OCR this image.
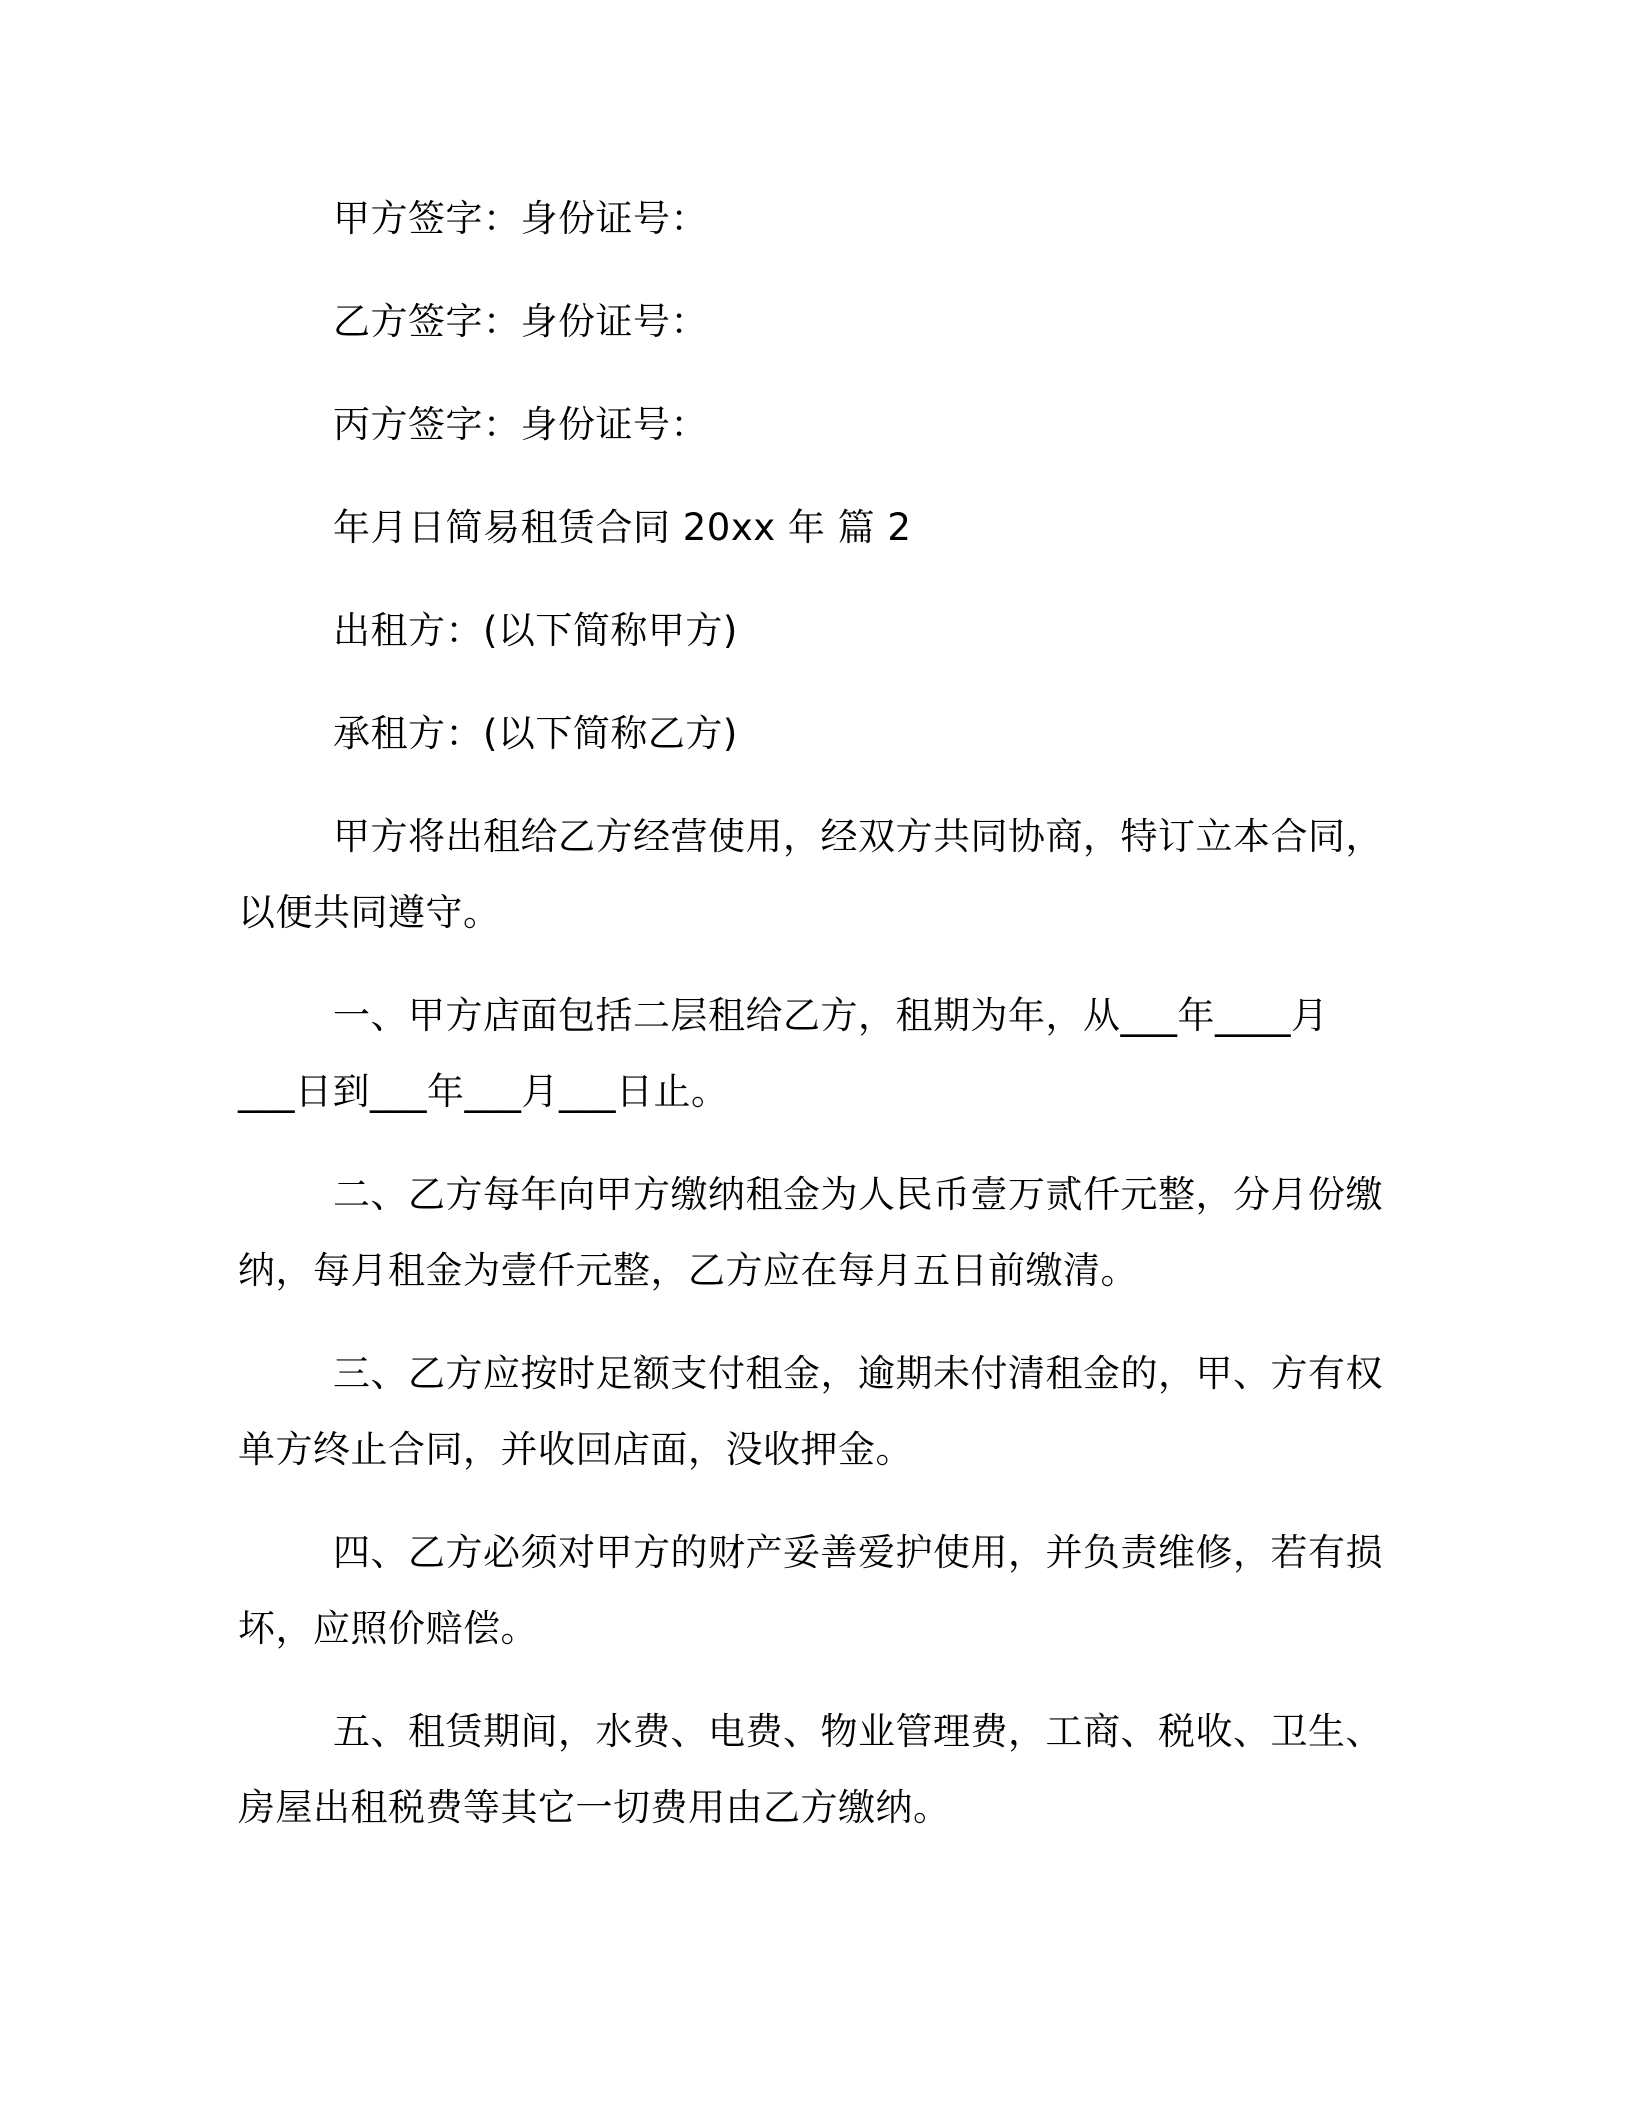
甲方签字：身份证号：
乙方签字：身份证号：
丙方签字：身份证号：
年月日简易租赁合同 20xx 年 篇 2
出租方：(以下简称甲方)
承租方：(以下简称乙方)
甲方将出租给乙方经营使用，经双方共同协商，特订立本合同，
以便共同遵守。
一、甲方店面包括二层租给乙方，租期为年，从___年____月
___日到___年___月___日止。
二、乙方每年向甲方缴纳租金为人民币壹万贰仟元整，分月份缴
纳，每月租金为壹仟元整，乙方应在每月五日前缴清。
三、乙方应按时足额支付租金，逾期未付清租金的，甲、方有权
单方终止合同，并收回店面，没收押金。
四、乙方必须对甲方的财产妥善爱护使用，并负责维修，若有损
坏，应照价赔偿。
五、租赁期间，水费、电费、物业管理费，工商、税收、卫生、
房屋出租税费等其它一切费用由乙方缴纳。
